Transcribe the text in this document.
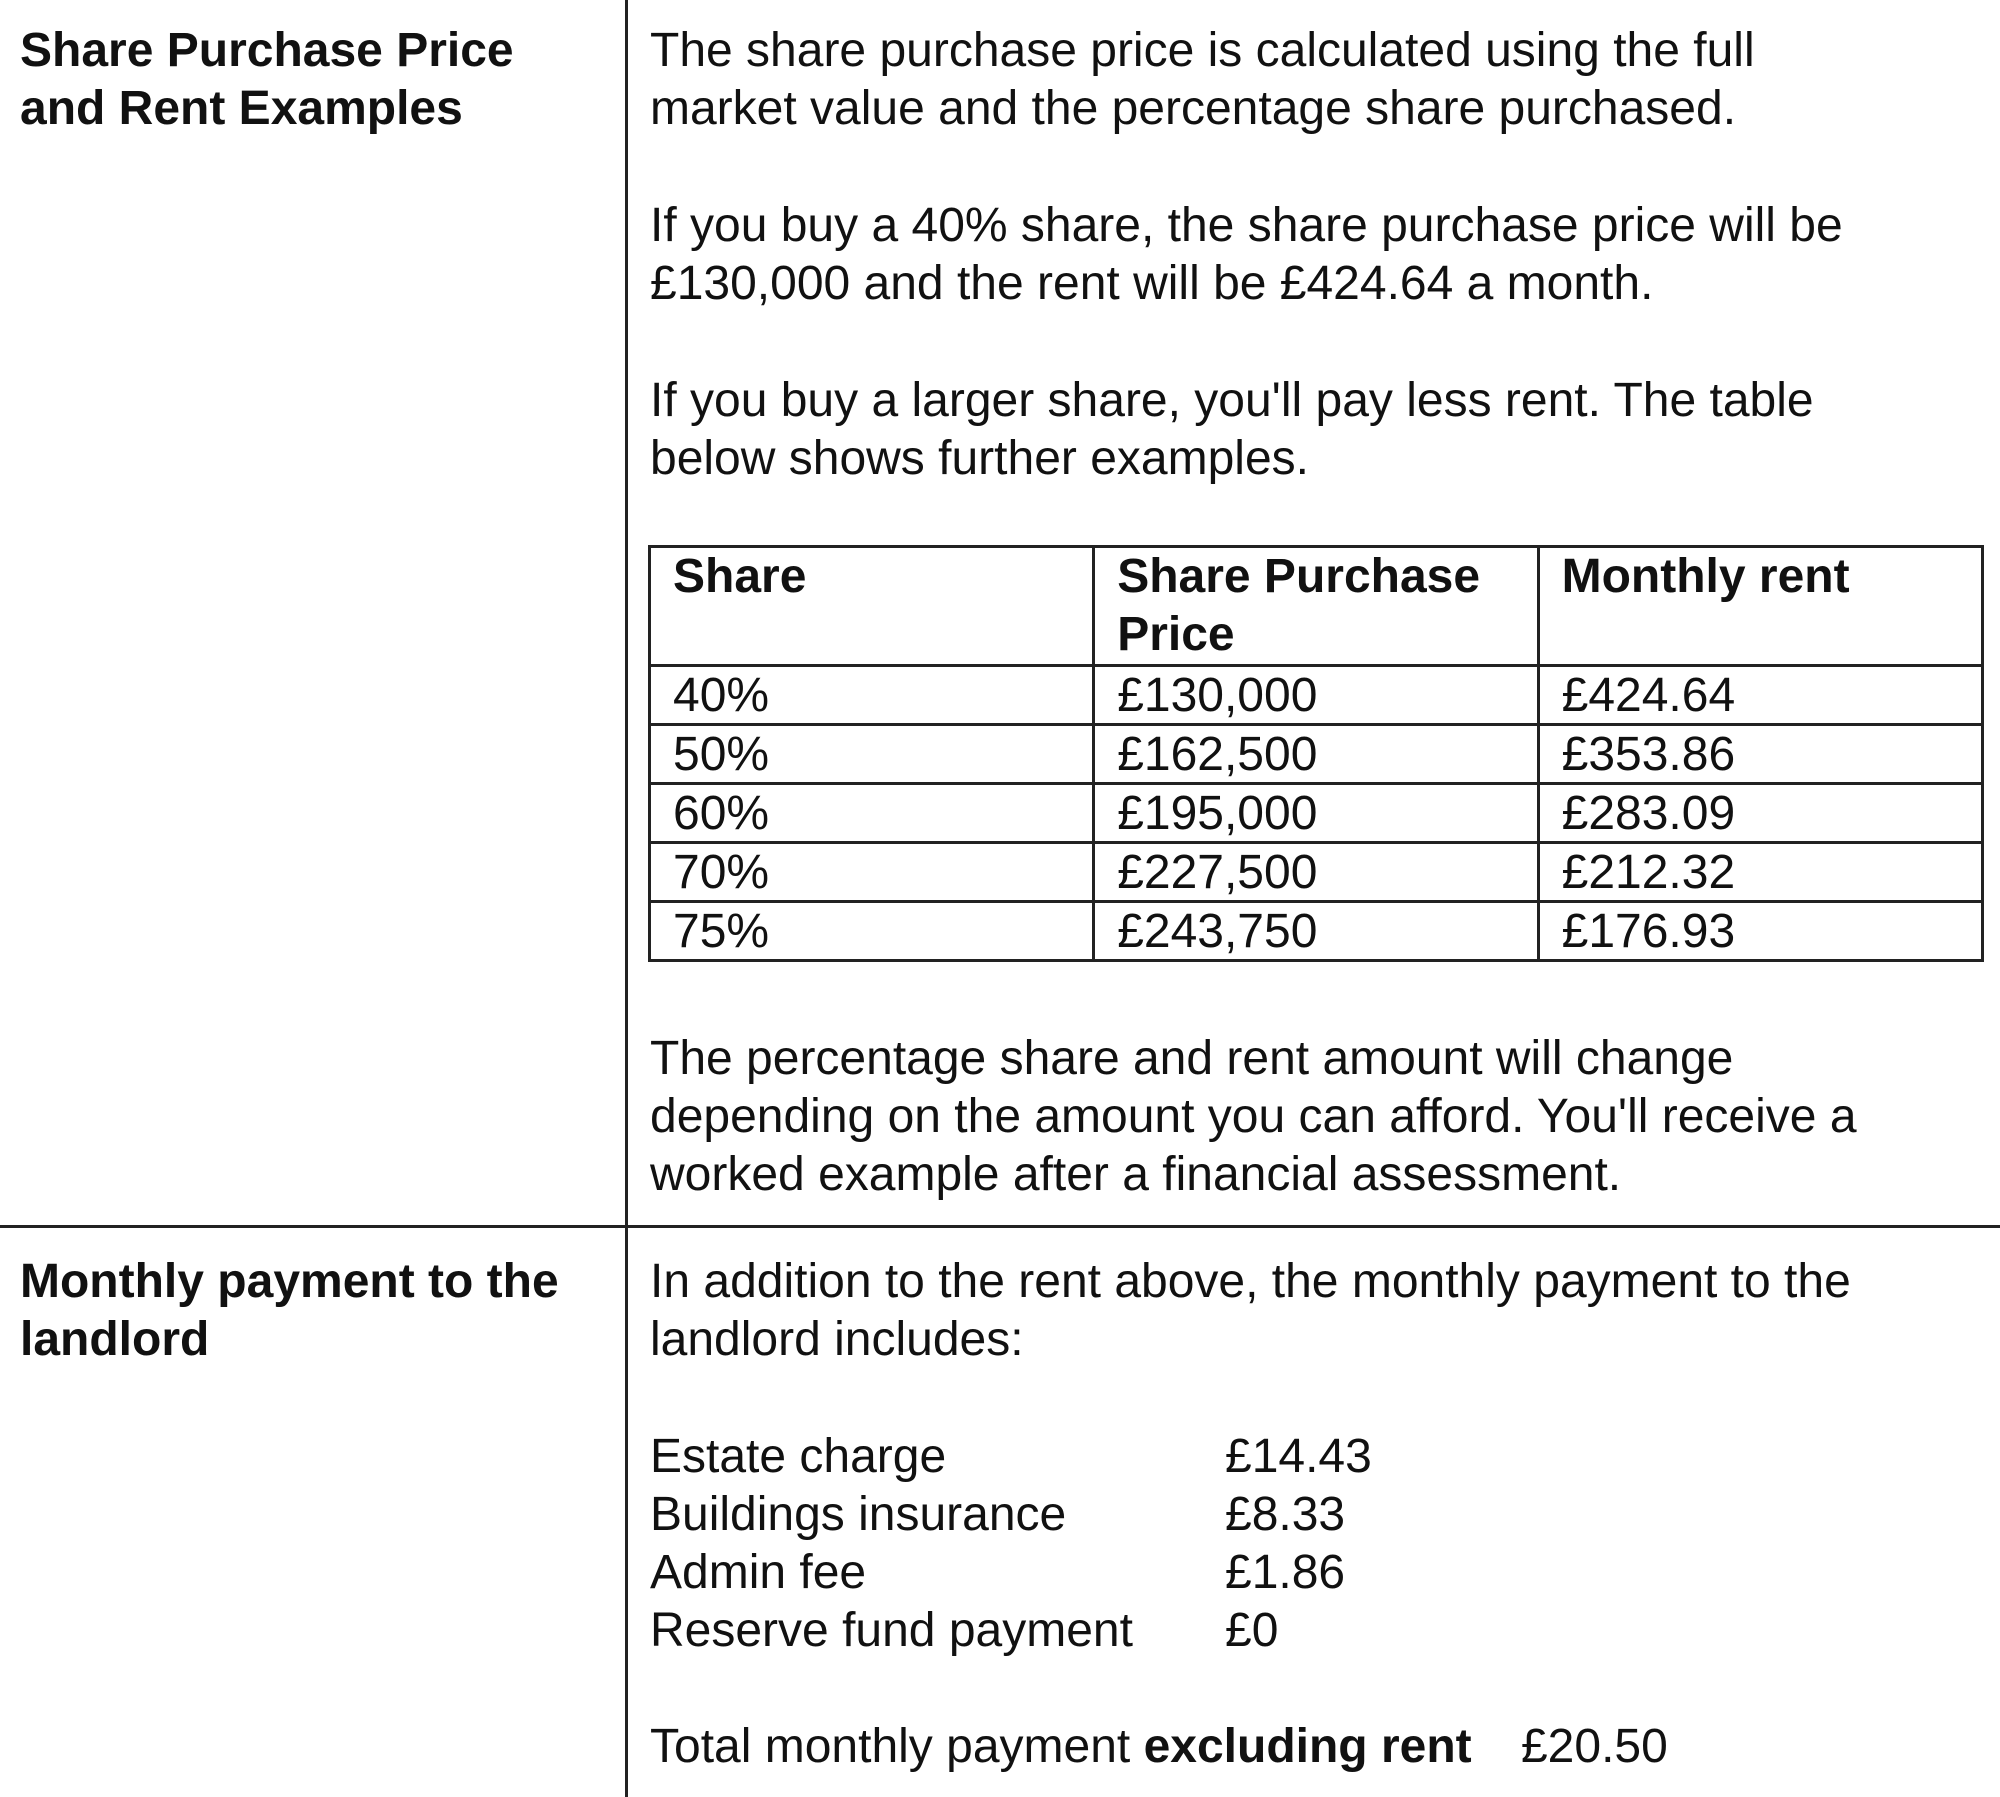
Share Purchase Price
and Rent Examples
The share purchase price is calculated using the full
market value and the percentage share purchased.
If you buy a 40% share, the share purchase price will be
£130,000 and the rent will be £424.64 a month.
If you buy a larger share, you'll pay less rent. The table
below shows further examples.
Share	Share Purchase Price	Monthly rent
40%	£130,000	£424.64
50%	£162,500	£353.86
60%	£195,000	£283.09
70%	£227,500	£212.32
75%	£243,750	£176.93
The percentage share and rent amount will change
depending on the amount you can afford. You'll receive a
worked example after a financial assessment.
Monthly payment to the
landlord
In addition to the rent above, the monthly payment to the
landlord includes:
Estate charge	£14.43
Buildings insurance	£8.33
Admin fee	£1.86
Reserve fund payment	£0
Total monthly payment excluding rent £20.50
